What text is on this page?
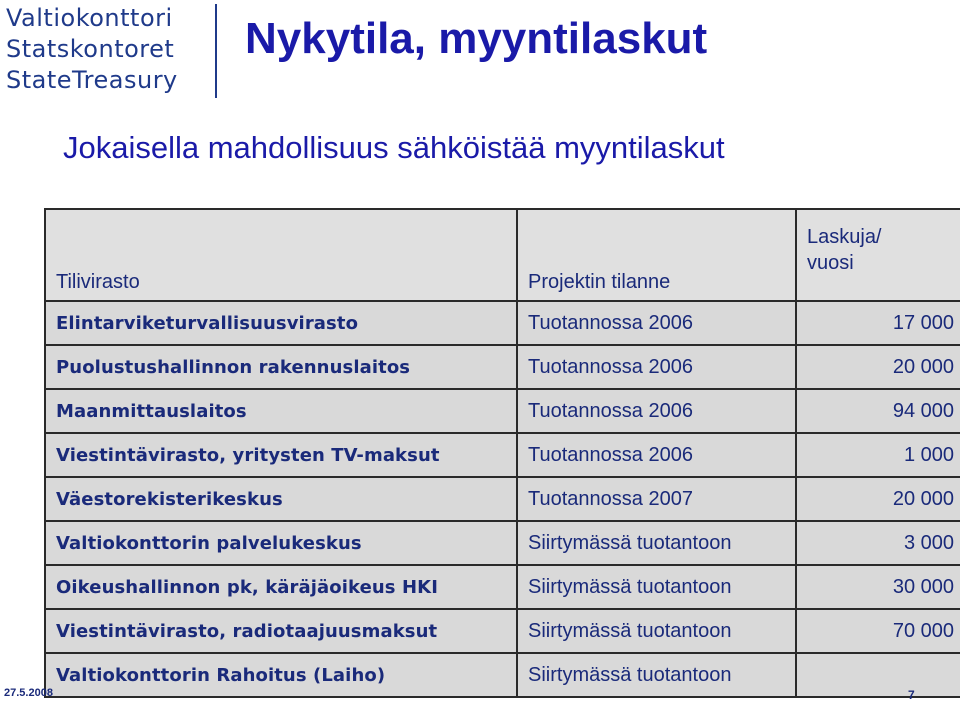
Valtiokonttori
Statskontoret
StateTreasury
Nykytila, myyntilaskut
Jokaisella mahdollisuus sähköistää myyntilaskut
Tilivirasto	Projektin tilanne	Laskuja/
vuosi
Elintarviketurvallisuusvirasto	Tuotannossa 2006	17 000
Puolustushallinnon rakennuslaitos	Tuotannossa 2006	20 000
Maanmittauslaitos	Tuotannossa 2006	94 000
Viestintävirasto, yritysten TV-maksut	Tuotannossa 2006	1 000
Väestorekisterikeskus	Tuotannossa 2007	20 000
Valtiokonttorin palvelukeskus	Siirtymässä tuotantoon	3 000
Oikeushallinnon pk, käräjäoikeus HKI	Siirtymässä tuotantoon	30 000
Viestintävirasto, radiotaajuusmaksut	Siirtymässä tuotantoon	70 000
Valtiokonttorin Rahoitus (Laiho)	Siirtymässä tuotantoon	
27.5.2008	7
